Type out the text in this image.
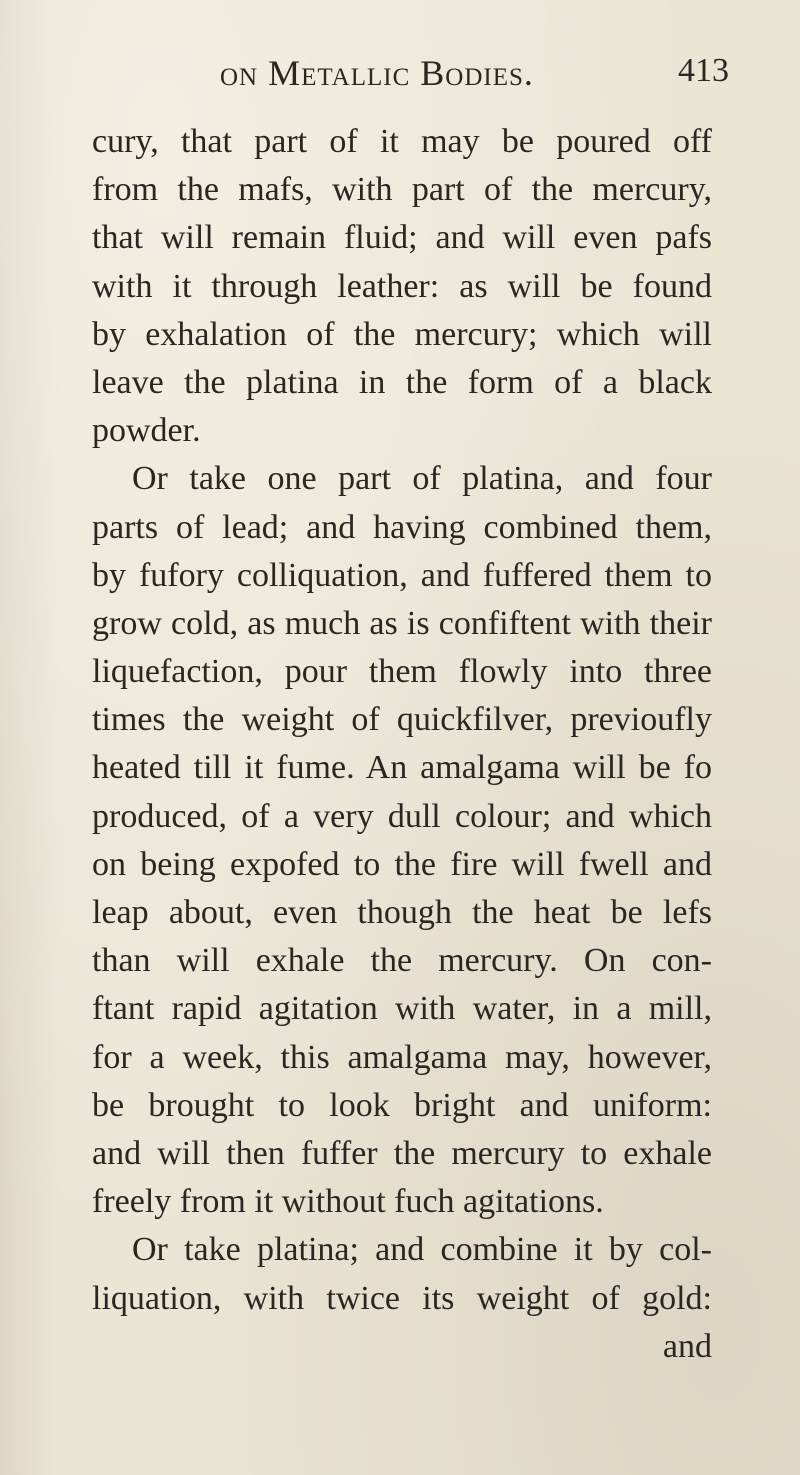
on Metallic Bodies.	413
cury, that part of it may be poured off
from the mafs, with part of the mercury,
that will remain fluid; and will even pafs
with it through leather: as will be found
by exhalation of the mercury; which will
leave the platina in the form of a black
powder.
Or take one part of platina, and four
parts of lead; and having combined them,
by fufory colliquation, and fuffered them to
grow cold, as much as is confiftent with their
liquefaction, pour them flowly into three
times the weight of quickfilver, previoufly
heated till it fume. An amalgama will be fo
produced, of a very dull colour; and which
on being expofed to the fire will fwell and
leap about, even though the heat be lefs
than will exhale the mercury. On con-
ftant rapid agitation with water, in a mill,
for a week, this amalgama may, however,
be brought to look bright and uniform:
and will then fuffer the mercury to exhale
freely from it without fuch agitations.
Or take platina; and combine it by col-
liquation, with twice its weight of gold:
and
